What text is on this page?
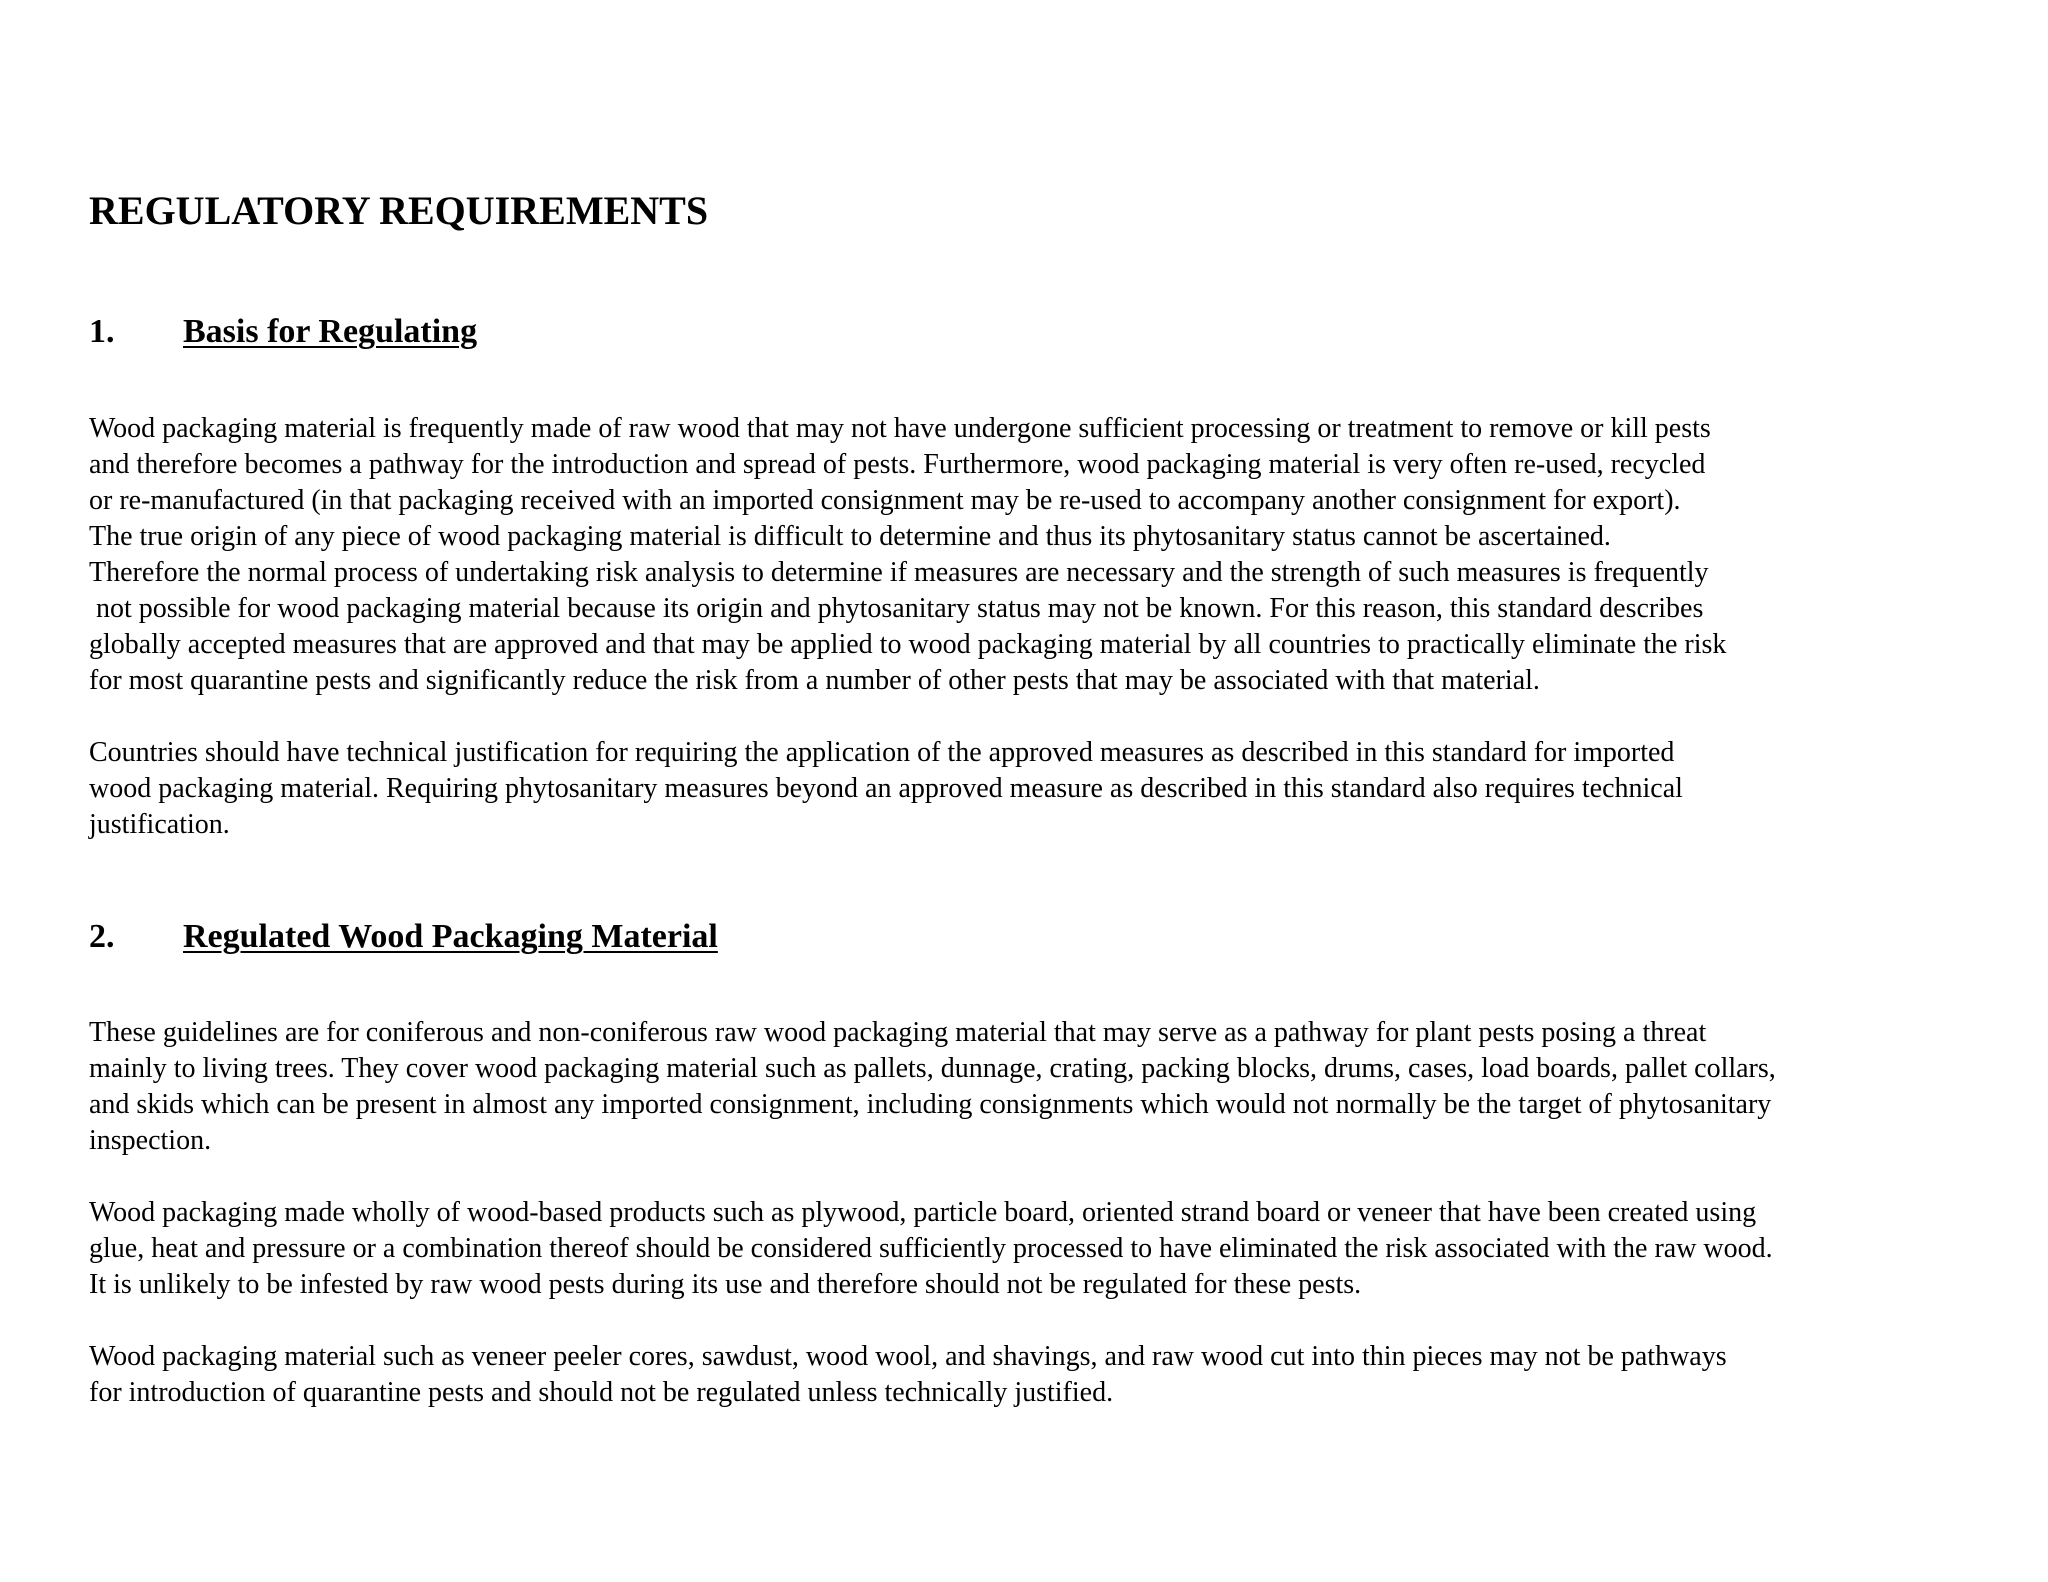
REGULATORY REQUIREMENTS
1. Basis for Regulating

Wood packaging material is frequently made of raw wood that may not have undergone sufficient processing or treatment to remove or kill pests
and therefore becomes a pathway for the introduction and spread of pests. Furthermore, wood packaging material is very often re-used, recycled
or re-manufactured (in that packaging received with an imported consignment may be re-used to accompany another consignment for export).
The true origin of any piece of wood packaging material is difficult to determine and thus its phytosanitary status cannot be ascertained.
Therefore the normal process of undertaking risk analysis to determine if measures are necessary and the strength of such measures is frequently
not possible for wood packaging material because its origin and phytosanitary status may not be known. For this reason, this standard describes
globally accepted measures that are approved and that may be applied to wood packaging material by all countries to practically eliminate the risk
for most quarantine pests and significantly reduce the risk from a number of other pests that may be associated with that material.

Countries should have technical justification for requiring the application of the approved measures as described in this standard for imported
wood packaging material. Requiring phytosanitary measures beyond an approved measure as described in this standard also requires technical
justification.

2. Regulated Wood Packaging Material

These guidelines are for coniferous and non-coniferous raw wood packaging material that may serve as a pathway for plant pests posing a threat
mainly to living trees. They cover wood packaging material such as pallets, dunnage, crating, packing blocks, drums, cases, load boards, pallet collars,
and skids which can be present in almost any imported consignment, including consignments which would not normally be the target of phytosanitary
inspection.

Wood packaging made wholly of wood-based products such as plywood, particle board, oriented strand board or veneer that have been created using
glue, heat and pressure or a combination thereof should be considered sufficiently processed to have eliminated the risk associated with the raw wood.
It is unlikely to be infested by raw wood pests during its use and therefore should not be regulated for these pests.

Wood packaging material such as veneer peeler cores, sawdust, wood wool, and shavings, and raw wood cut into thin pieces may not be pathways
for introduction of quarantine pests and should not be regulated unless technically justified.
